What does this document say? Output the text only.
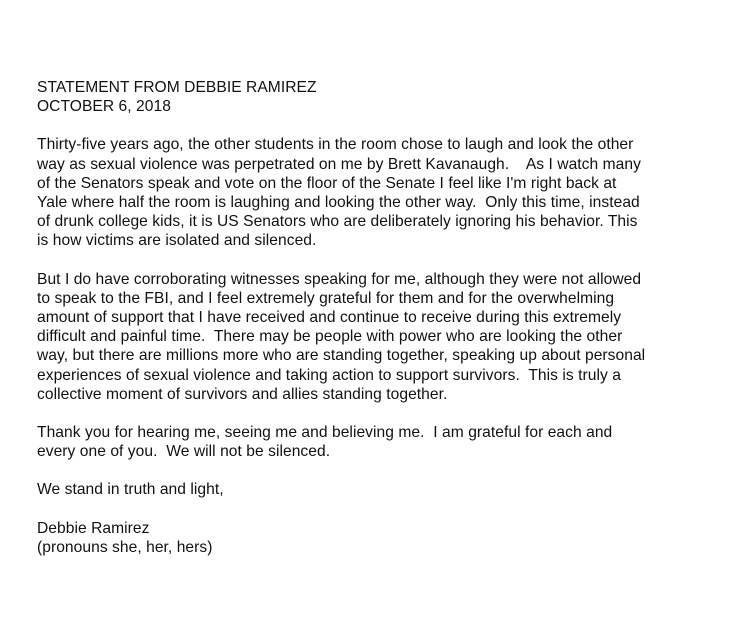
STATEMENT FROM DEBBIE RAMIREZ
OCTOBER 6, 2018
Thirty-five years ago, the other students in the room chose to laugh and look the other
way as sexual violence was perpetrated on me by Brett Kavanaugh.    As I watch many
of the Senators speak and vote on the floor of the Senate I feel like I'm right back at
Yale where half the room is laughing and looking the other way.  Only this time, instead
of drunk college kids, it is US Senators who are deliberately ignoring his behavior. This
is how victims are isolated and silenced.
But I do have corroborating witnesses speaking for me, although they were not allowed
to speak to the FBI, and I feel extremely grateful for them and for the overwhelming
amount of support that I have received and continue to receive during this extremely
difficult and painful time.  There may be people with power who are looking the other
way, but there are millions more who are standing together, speaking up about personal
experiences of sexual violence and taking action to support survivors.  This is truly a
collective moment of survivors and allies standing together.
Thank you for hearing me, seeing me and believing me.  I am grateful for each and
every one of you.  We will not be silenced.
We stand in truth and light,
Debbie Ramirez
(pronouns she, her, hers)
